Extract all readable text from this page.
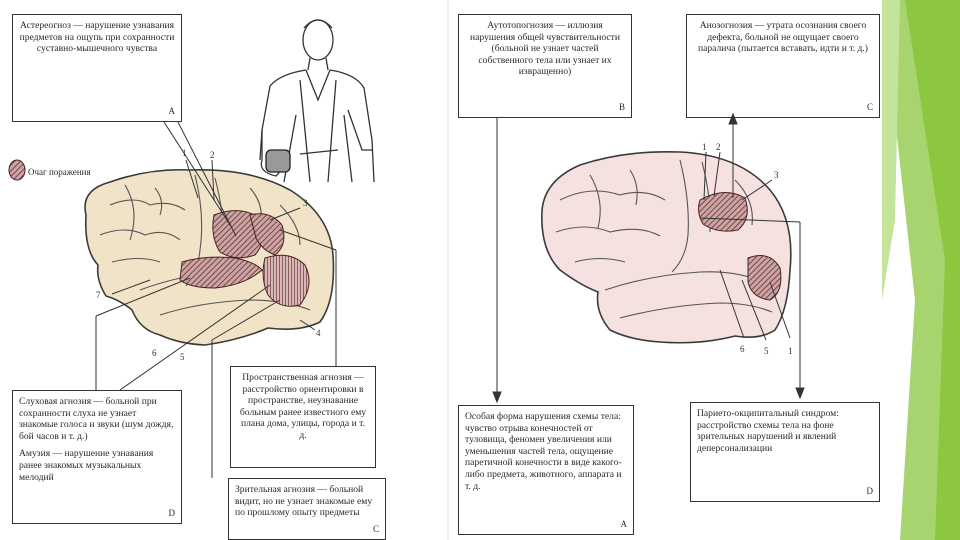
Астереогноз — нарушение узнавания предметов на ощупь при сохранности суставно-мышечного чувства
A
Очаг поражения
Пространственная агнозия — расстройство ориентировки в пространстве, неузнавание больным ранее известного ему плана дома, улицы, города и т. д.
Зрительная агнозия — больной видит, но не узнает знакомые ему по прошлому опыту предметы
C
Слуховая агнозия — больной при сохранности слуха не узнает знакомые голоса и звуки (шум дождя, бой часов и т. д.)
Амузия — нарушение узнавания ранее знакомых музыкальных мелодий
D
Аутотопогнозия — иллюзия нарушения общей чувствительности (больной не узнает частей собственного тела или узнает их извращенно)
B
Анозогнозия — утрата осознания своего дефекта, больной не ощущает своего паралича (пытается вставать, идти и т. д.)
C
Особая форма нарушения схемы тела: чувство отрыва конечностей от туловища, феномен увеличения или уменьшения частей тела, ощущение паретичной конечности в виде какого-либо предмета, животного, аппарата и т. д.
A
Парието-окципитальный синдром: расстройство схемы тела на фоне зрительных нарушений и явлений деперсонализации
D
1	2
3
4
5
6
7
1 2
3
6 5 1
